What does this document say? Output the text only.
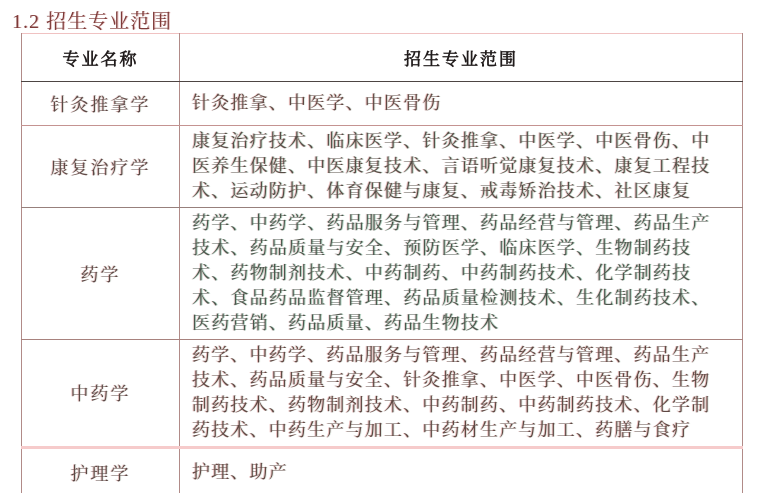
1.2 招生专业范围
专业名称	招生专业范围
针灸推拿学	针灸推拿、中医学、中医骨伤
康复治疗学	康复治疗技术、临床医学、针灸推拿、中医学、中医骨伤、中医养生保健、中医康复技术、言语听觉康复技术、康复工程技术、运动防护、体育保健与康复、戒毒矫治技术、社区康复
药学	药学、中药学、药品服务与管理、药品经营与管理、药品生产技术、药品质量与安全、预防医学、临床医学、生物制药技术、药物制剂技术、中药制药、中药制药技术、化学制药技术、食品药品监督管理、药品质量检测技术、生化制药技术、医药营销、药品质量、药品生物技术
中药学	药学、中药学、药品服务与管理、药品经营与管理、药品生产技术、药品质量与安全、针灸推拿、中医学、中医骨伤、生物制药技术、药物制剂技术、中药制药、中药制药技术、化学制药技术、中药生产与加工、中药材生产与加工、药膳与食疗
护理学	护理、助产
